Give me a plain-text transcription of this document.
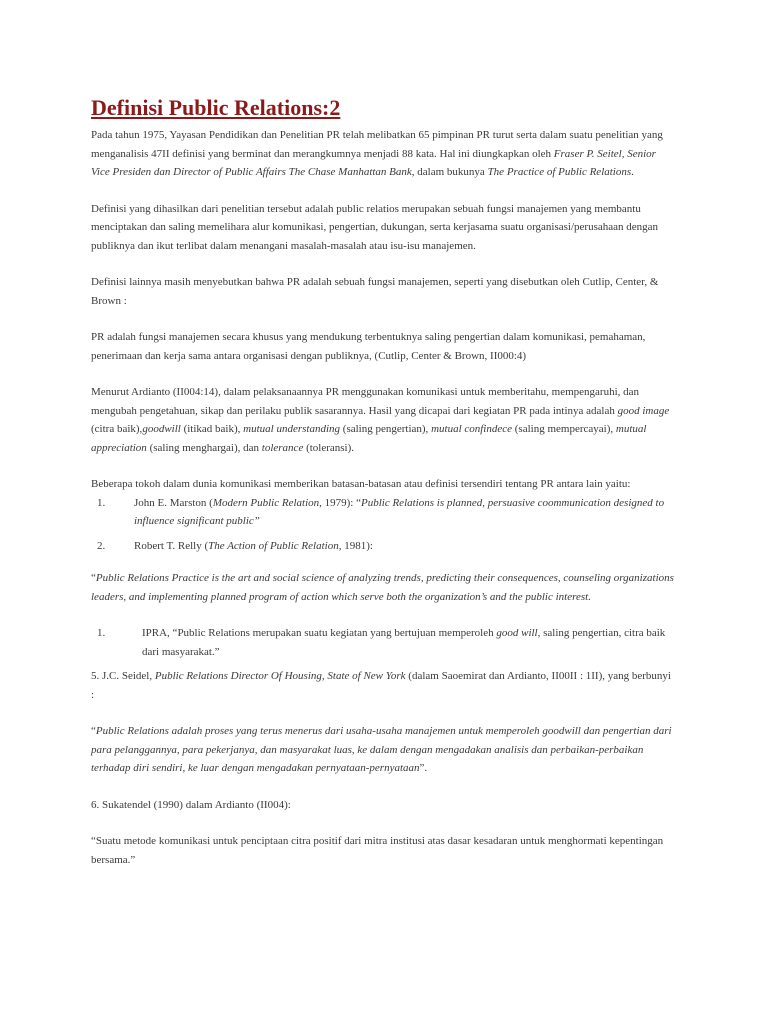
Definisi Public Relations:2

Pada tahun 1975, Yayasan Pendidikan dan Penelitian PR telah melibatkan 65 pimpinan PR turut serta dalam suatu penelitian yang menganalisis 47II definisi yang berminat dan merangkumnya menjadi 88 kata. Hal ini diungkapkan oleh Fraser P. Seitel, Senior Vice Presiden dan Director of Public Affairs The Chase Manhattan Bank, dalam bukunya The Practice of Public Relations.

Definisi yang dihasilkan dari penelitian tersebut adalah public relatios merupakan sebuah fungsi manajemen yang membantu menciptakan dan saling memelihara alur komunikasi, pengertian, dukungan, serta kerjasama suatu organisasi/perusahaan dengan publiknya dan ikut terlibat dalam menangani masalah-masalah atau isu-isu manajemen.

Definisi lainnya masih menyebutkan bahwa PR adalah sebuah fungsi manajemen, seperti yang disebutkan oleh Cutlip, Center, & Brown :

PR adalah fungsi manajemen secara khusus yang mendukung terbentuknya saling pengertian dalam komunikasi, pemahaman, penerimaan dan kerja sama antara organisasi dengan publiknya, (Cutlip, Center & Brown, II000:4)

Menurut Ardianto (II004:14), dalam pelaksanaannya PR menggunakan komunikasi untuk memberitahu, mempengaruhi, dan mengubah pengetahuan, sikap dan perilaku publik sasarannya. Hasil yang dicapai dari kegiatan PR pada intinya adalah good image (citra baik),goodwill (itikad baik), mutual understanding (saling pengertian), mutual confindece (saling mempercayai), mutual appreciation (saling menghargai), dan tolerance (toleransi).

Beberapa tokoh dalam dunia komunikasi memberikan batasan-batasan atau definisi tersendiri tentang PR antara lain yaitu:

1.	John E. Marston (Modern Public Relation, 1979): “Public Relations is planned, persuasive coommunication designed to influence significant public”
2.	Robert T. Relly (The Action of Public Relation, 1981):

“Public Relations Practice is the art and social science of analyzing trends, predicting their consequences, counseling organizations leaders, and implementing planned program of action which serve both the organization’s and the public interest.

1.	IPRA, “Public Relations merupakan suatu kegiatan yang bertujuan memperoleh good will, saling pengertian, citra baik dari masyarakat.”

5. J.C. Seidel, Public Relations Director Of Housing, State of New York (dalam Saoemirat dan Ardianto, II00II : 1II), yang berbunyi :

“Public Relations adalah proses yang terus menerus dari usaha-usaha manajemen untuk memperoleh goodwill dan pengertian dari para pelanggannya, para pekerjanya, dan masyarakat luas, ke dalam dengan mengadakan analisis dan perbaikan-perbaikan terhadap diri sendiri, ke luar dengan mengadakan pernyataan-pernyataan”.

6. Sukatendel (1990) dalam Ardianto (II004):

“Suatu metode komunikasi untuk penciptaan citra positif dari mitra institusi atas dasar kesadaran untuk menghormati kepentingan bersama.”
